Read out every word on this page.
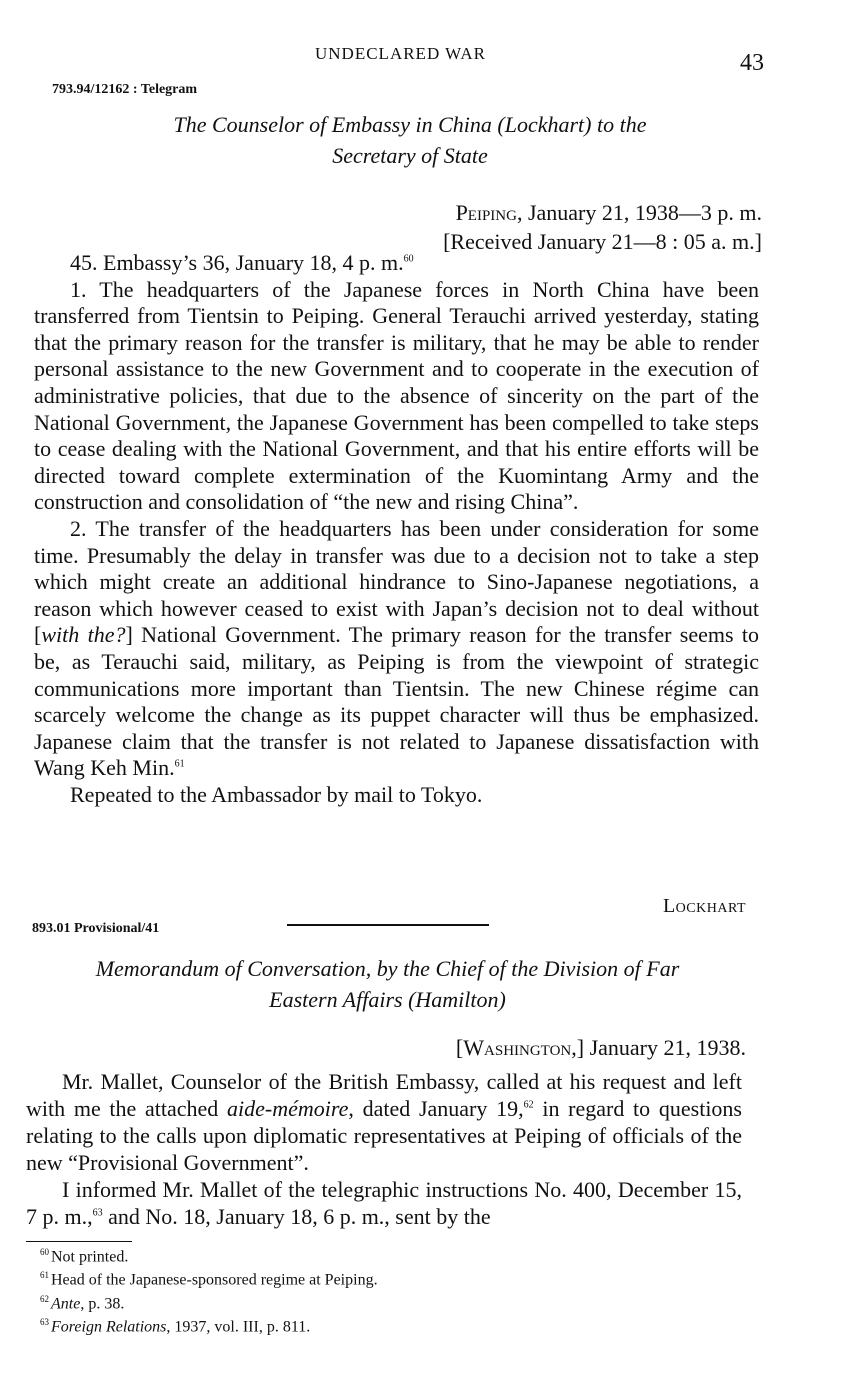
UNDECLARED WAR	43
793.94/12162 : Telegram
The Counselor of Embassy in China (Lockhart) to the
Secretary of State
Peiping, January 21, 1938—3 p. m.
[Received January 21—8 : 05 a. m.]

45. Embassy’s 36, January 18, 4 p. m.$^{60}$

1. The headquarters of the Japanese forces in North China have been transferred from Tientsin to Peiping. General Terauchi arrived yesterday, stating that the primary reason for the transfer is military, that he may be able to render personal assistance to the new Government and to cooperate in the execution of administrative policies, that due to the absence of sincerity on the part of the National Government, the Japanese Government has been compelled to take steps to cease dealing with the National Government, and that his entire efforts will be directed toward complete extermination of the Kuomintang Army and the construction and consolidation of “the new and rising China”.

2. The transfer of the headquarters has been under consideration for some time. Presumably the delay in transfer was due to a decision not to take a step which might create an additional hindrance to Sino-Japanese negotiations, a reason which however ceased to exist with Japan’s decision not to deal without [with the?] National Government. The primary reason for the transfer seems to be, as Terauchi said, military, as Peiping is from the viewpoint of strategic communications more important than Tientsin. The new Chinese régime can scarcely welcome the change as its puppet character will thus be emphasized. Japanese claim that the transfer is not related to Japanese dissatisfaction with Wang Keh Min.$^{61}$

Repeated to the Ambassador by mail to Tokyo.

Lockhart
893.01 Provisional/41
Memorandum of Conversation, by the Chief of the Division of Far
Eastern Affairs (Hamilton)
[Washington,] January 21, 1938.

Mr. Mallet, Counselor of the British Embassy, called at his request and left with me the attached aide-mémoire, dated January 19,62 in regard to questions relating to the calls upon diplomatic representatives at Peiping of officials of the new “Provisional Government”.

I informed Mr. Mallet of the telegraphic instructions No. 400, December 15, 7 p. m.,$^{63}$ and No. 18, January 18, 6 p. m., sent by the

$^{60}$ Not printed.
$^{61}$ Head of the Japanese-sponsored regime at Peiping.
$^{62}$ Ante, p. 38.
$^{63}$ Foreign Relations, 1937, vol. III, p. 811.
